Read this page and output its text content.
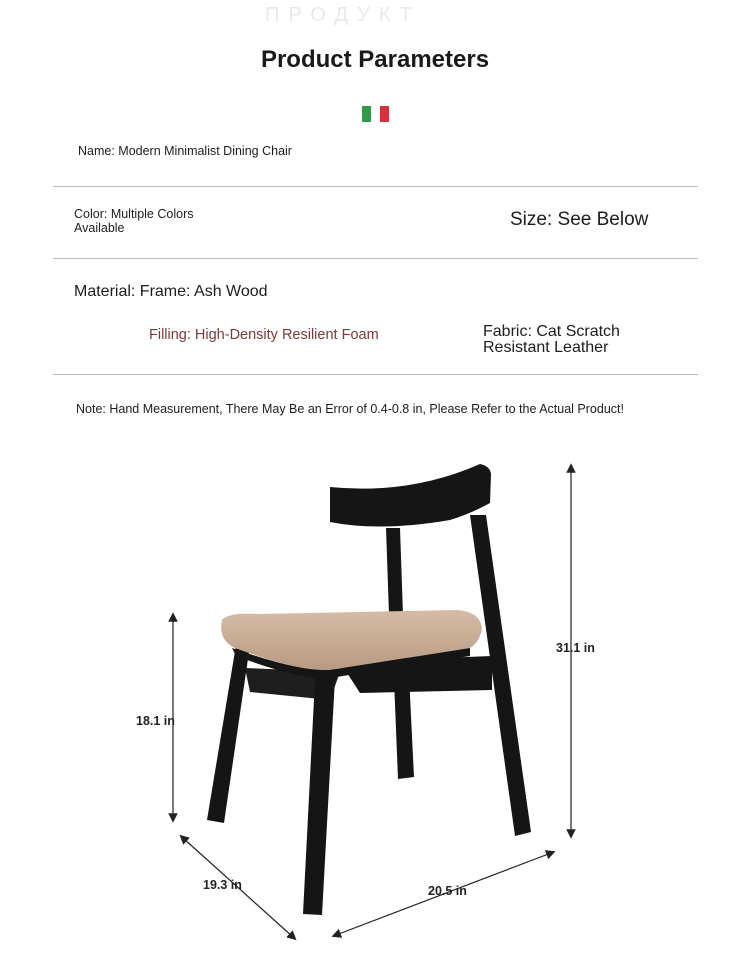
ПРОДУКТ
Product Parameters
Name: Modern Minimalist Dining Chair
Color: Multiple Colors Available	Size: See Below
Material: Frame: Ash Wood
Filling: High-Density Resilient Foam	Fabric: Cat Scratch Resistant Leather
Note: Hand Measurement, There May Be an Error of 0.4-0.8 in, Please Refer to the Actual Product!
31.1 in
18.1 in
19.3 in	20.5 in
